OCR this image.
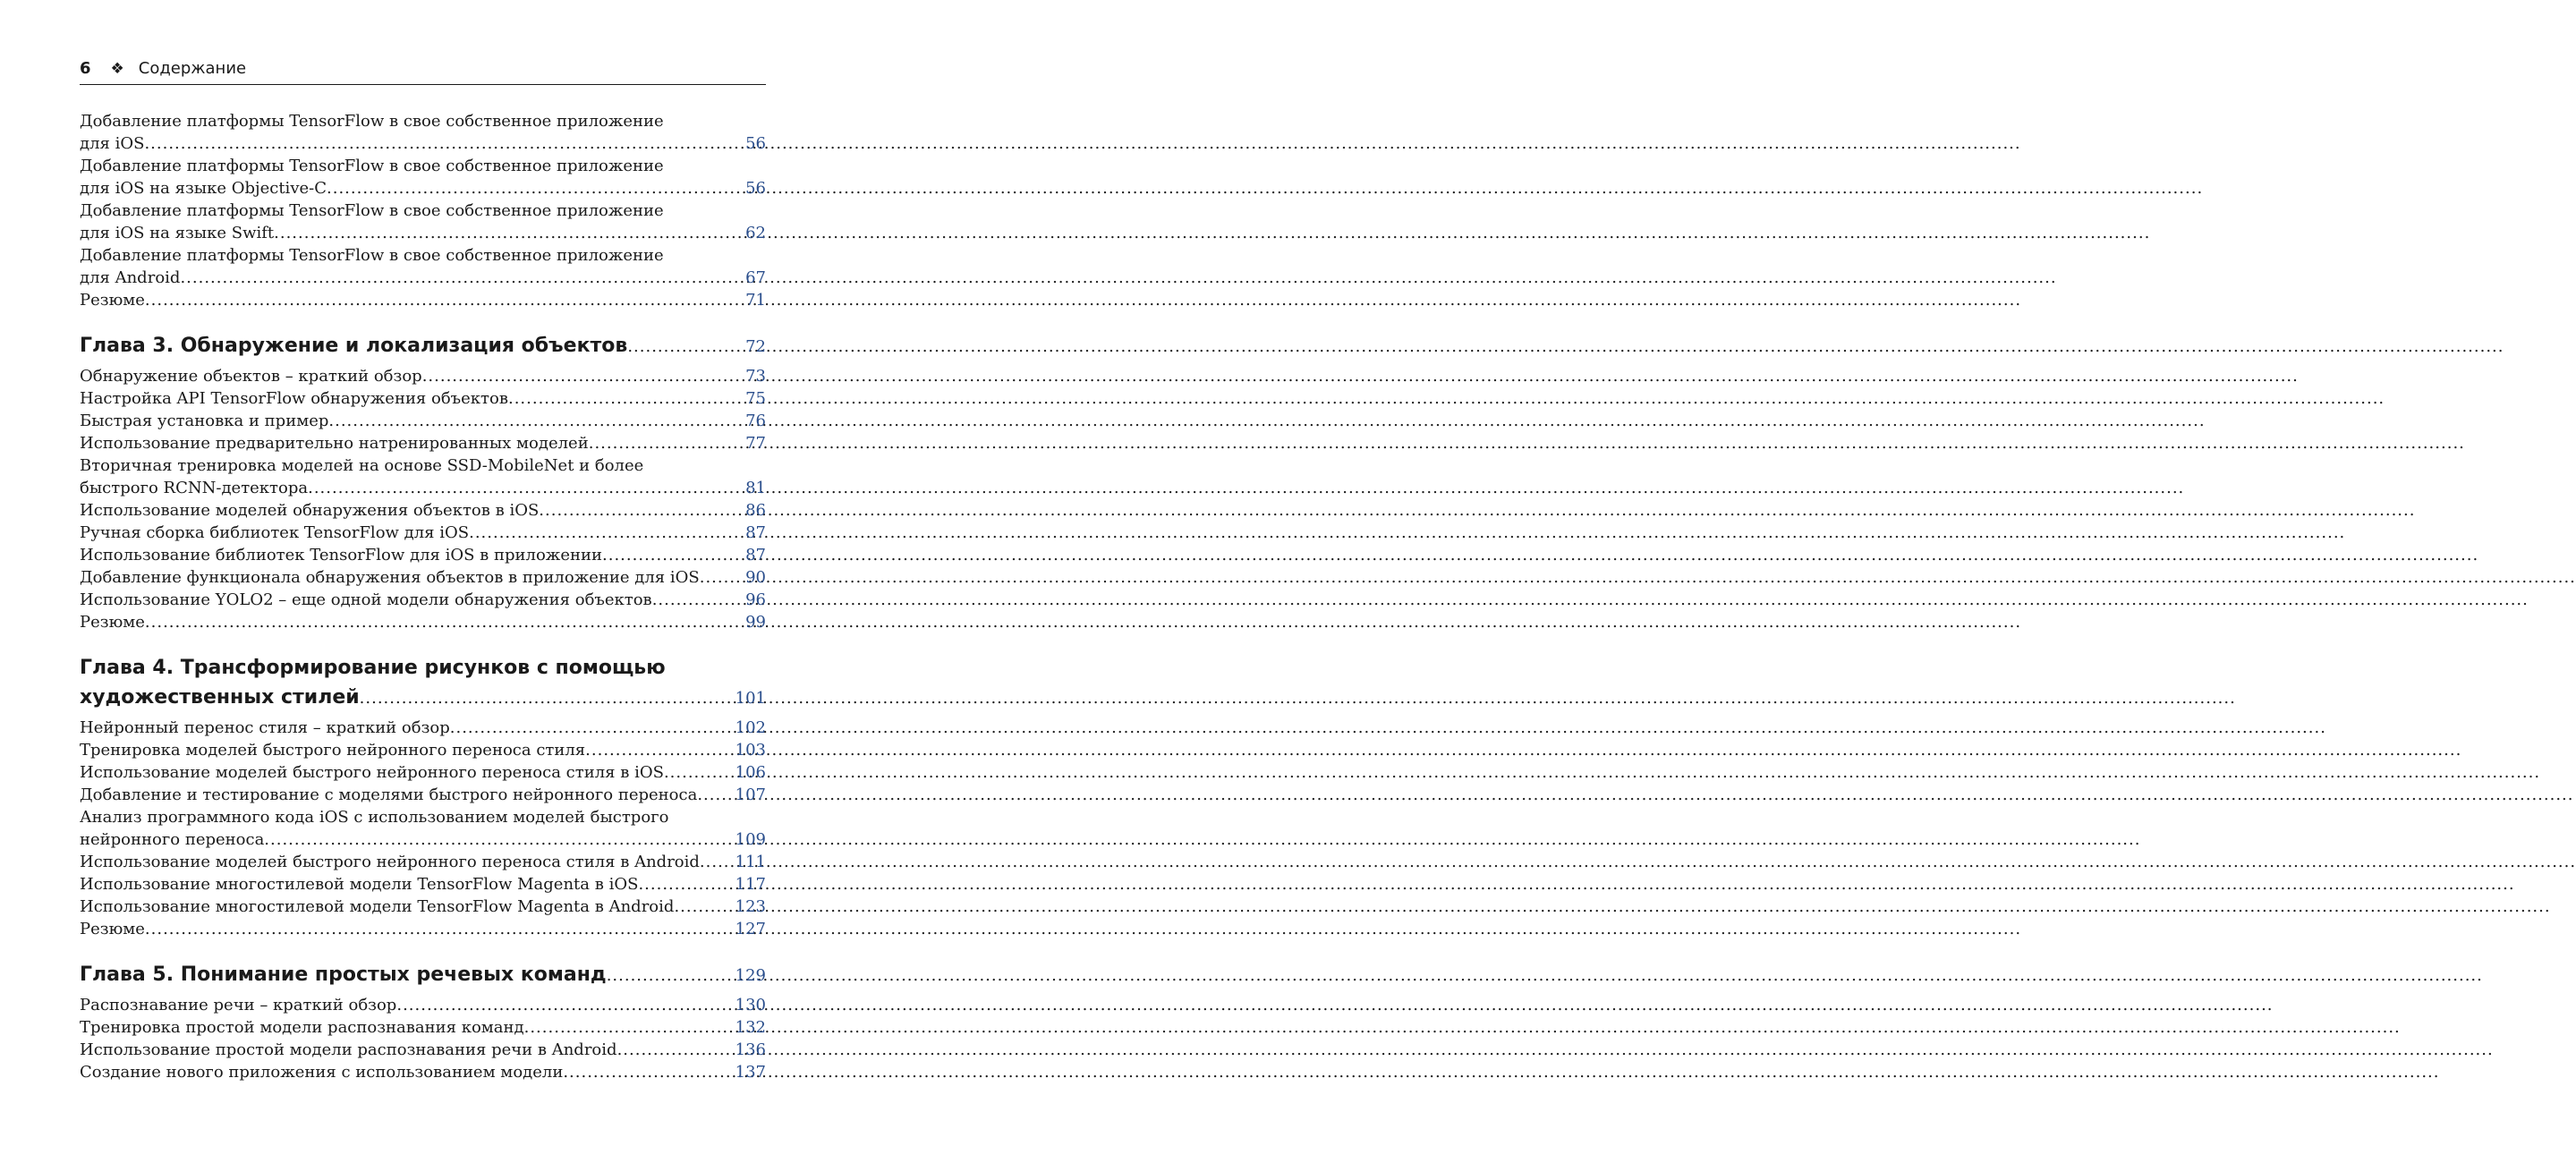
6 ❖ Содержание
Добавление платформы TensorFlow в свое собственное приложение
для iOS .....	56
Добавление платформы TensorFlow в свое собственное приложение
для iOS на языке Objective-C .....	56
Добавление платформы TensorFlow в свое собственное приложение
для iOS на языке Swift .....	62
Добавление платформы TensorFlow в свое собственное приложение
для Android .....	67
Резюме .....	71
Глава 3. Обнаружение и локализация объектов .....	72
Обнаружение объектов – краткий обзор .....	73
Настройка API TensorFlow обнаружения объектов .....	75
Быстрая установка и пример .....	76
Использование предварительно натренированных моделей .....	77
Вторичная тренировка моделей на основе SSD-MobileNet и более
быстрого RCNN-детектора .....	81
Использование моделей обнаружения объектов в iOS .....	86
Ручная сборка библиотек TensorFlow для iOS .....	87
Использование библиотек TensorFlow для iOS в приложении .....	87
Добавление функционала обнаружения объектов в приложение для iOS .....	90
Использование YOLO2 – еще одной модели обнаружения объектов .....	96
Резюме .....	99
Глава 4. Трансформирование рисунков с помощью
художественных стилей .....	101
Нейронный перенос стиля – краткий обзор .....	102
Тренировка моделей быстрого нейронного переноса стиля .....	103
Использование моделей быстрого нейронного переноса стиля в iOS .....	106
Добавление и тестирование с моделями быстрого нейронного переноса ..... 107
Анализ программного кода iOS с использованием моделей быстрого
нейронного переноса .....	109
Использование моделей быстрого нейронного переноса стиля в Android ..... 111
Использование многостилевой модели TensorFlow Magenta в iOS .....	117
Использование многостилевой модели TensorFlow Magenta в Android .....	123
Резюме .....	127
Глава 5. Понимание простых речевых команд .....	129
Распознавание речи – краткий обзор .....	130
Тренировка простой модели распознавания команд .....	132
Использование простой модели распознавания речи в Android .....	136
Создание нового приложения с использованием модели .....	137
